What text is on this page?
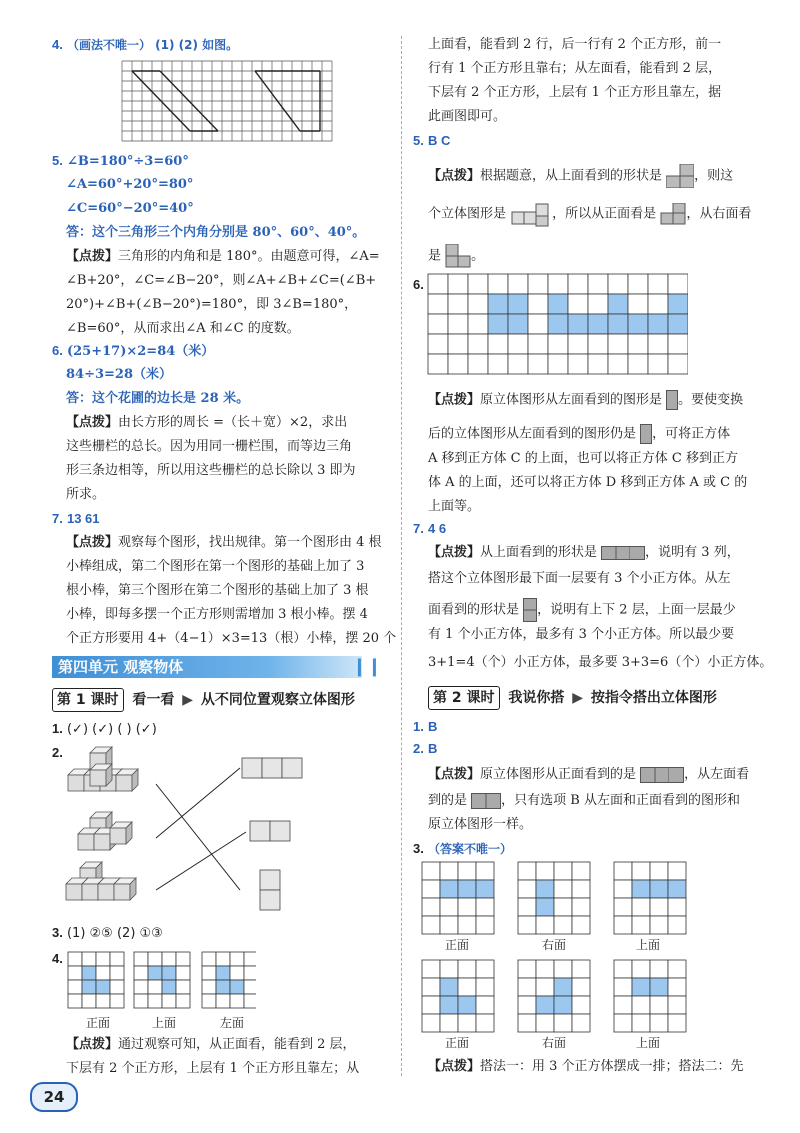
4. （画法不唯一） (1) (2) 如图。
5. ∠B=180°÷3=60°
∠A=60°+20°=80°
∠C=60°−20°=40°
答：这个三角形三个内角分别是 80°、60°、40°。
【点拨】三角形的内角和是 180°。由题意可得，∠A=
∠B+20°，∠C=∠B−20°，则∠A+∠B+∠C=(∠B+
20°)+∠B+(∠B−20°)=180°，即 3∠B=180°，
∠B=60°，从而求出∠A 和∠C 的度数。
6. (25+17)×2=84（米）
84÷3=28（米）
答：这个花圃的边长是 28 米。
【点拨】由长方形的周长 =（长＋宽）×2，求出
这些栅栏的总长。因为用同一栅栏围，而等边三角
形三条边相等，所以用这些栅栏的总长除以 3 即为
所求。
7. 13 61
【点拨】观察每个图形，找出规律。第一个图形由 4 根
小棒组成，第二个图形在第一个图形的基础上加了 3
根小棒，第三个图形在第二个图形的基础上加了 3 根
小棒，即每多摆一个正方形则需增加 3 根小棒。摆 4
个正方形要用 4+（4−1）×3=13（根）小棒，摆 20 个
第四单元 观察物体	❙❙
第 1 课时 看一看 ▶ 从不同位置观察立体图形
1. (✓) (✓) ( ) (✓)
2.
3. (1) ②⑤ (2) ①③
4.
正面	上面	左面
【点拨】通过观察可知，从正面看，能看到 2 层，
下层有 2 个正方形，上层有 1 个正方形且靠左；从
24
上面看，能看到 2 行，后一行有 2 个正方形，前一
行有 1 个正方形且靠右；从左面看，能看到 2 层，
下层有 2 个正方形，上层有 1 个正方形且靠左，据
此画图即可。
5. B C
【点拨】根据题意，从上面看到的形状是 ，则这
个立体图形是	，所以从正面看是 ，从右面看
是 。
6.
【点拨】原立体图形从左面看到的图形是 。要使变换
后的立体图形从左面看到的图形仍是 ，可将正方体
A 移到正方体 C 的上面，也可以将正方体 C 移到正方
体 A 的上面，还可以将正方体 D 移到正方体 A 或 C 的
上面等。
7. 4 6
【点拨】从上面看到的形状是	，说明有 3 列，
搭这个立体图形最下面一层要有 3 个小正方体。从左
面看到的形状是 ，说明有上下 2 层，上面一层最少
有 1 个小正方体，最多有 3 个小正方体。所以最少要
3+1=4（个）小正方体，最多要 3+3=6（个）小正方体。
第 2 课时 我说你搭 ▶ 按指令搭出立体图形
1. B
2. B
【点拨】原立体图形从正面看到的是	，从左面看
到的是	，只有选项 B 从左面和正面看到的图形和
原立体图形一样。
3. （答案不唯一）
正面	右面	上面
正面	右面	上面
【点拨】搭法一：用 3 个正方体摆成一排；搭法二：先
